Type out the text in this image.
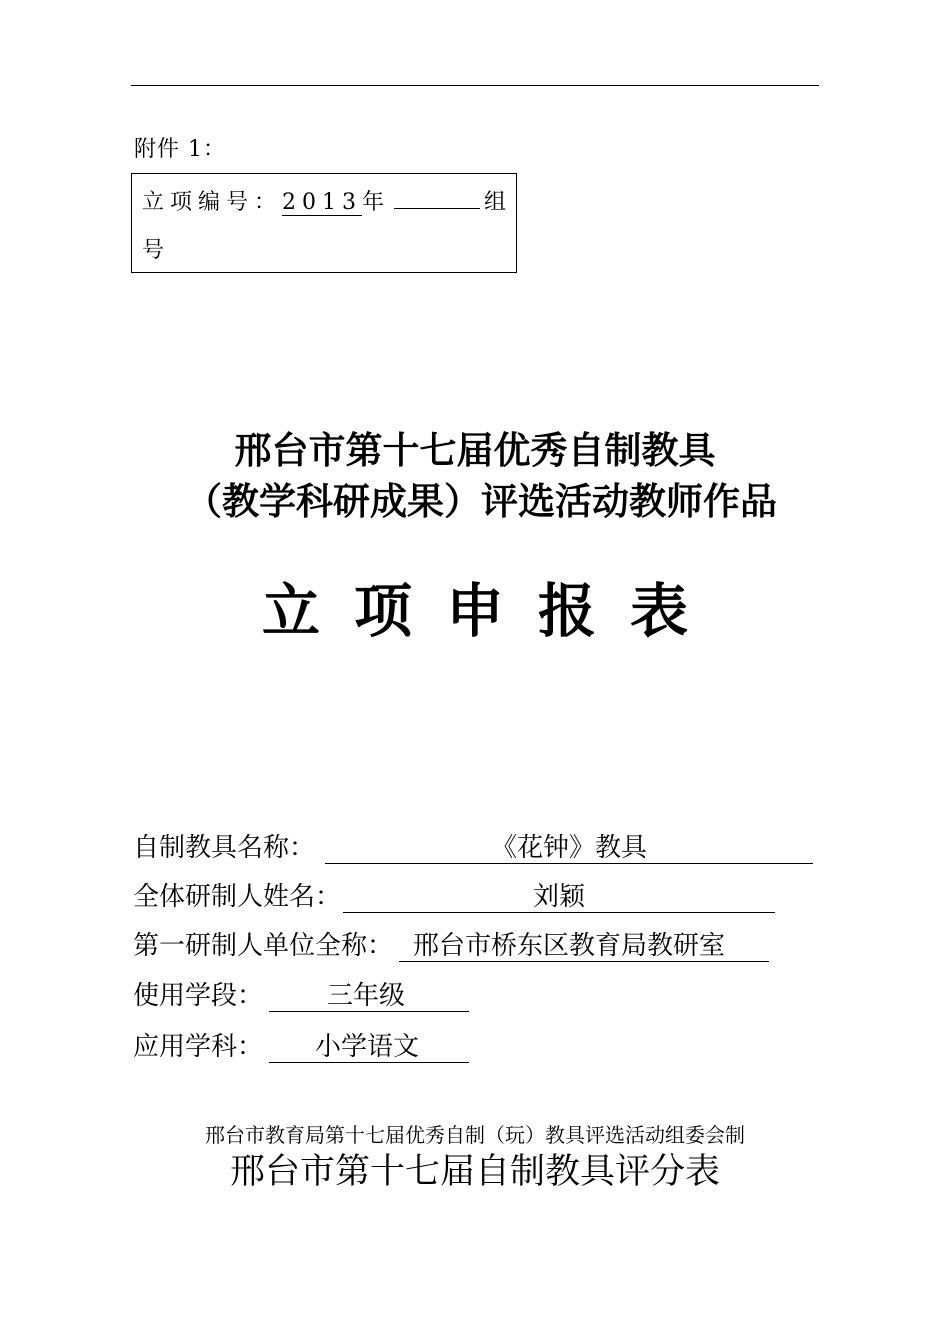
附件 1：
立项编号：2013年	组
号
邢台市第十七届优秀自制教具
（教学科研成果）评选活动教师作品
立项申报表
自制教具名称：	《花钟》教具
全体研制人姓名：	刘颖
第一研制人单位全称： 邢台市桥东区教育局教研室
使用学段： 三年级
应用学科： 小学语文
邢台市教育局第十七届优秀自制（玩）教具评选活动组委会制
邢台市第十七届自制教具评分表
